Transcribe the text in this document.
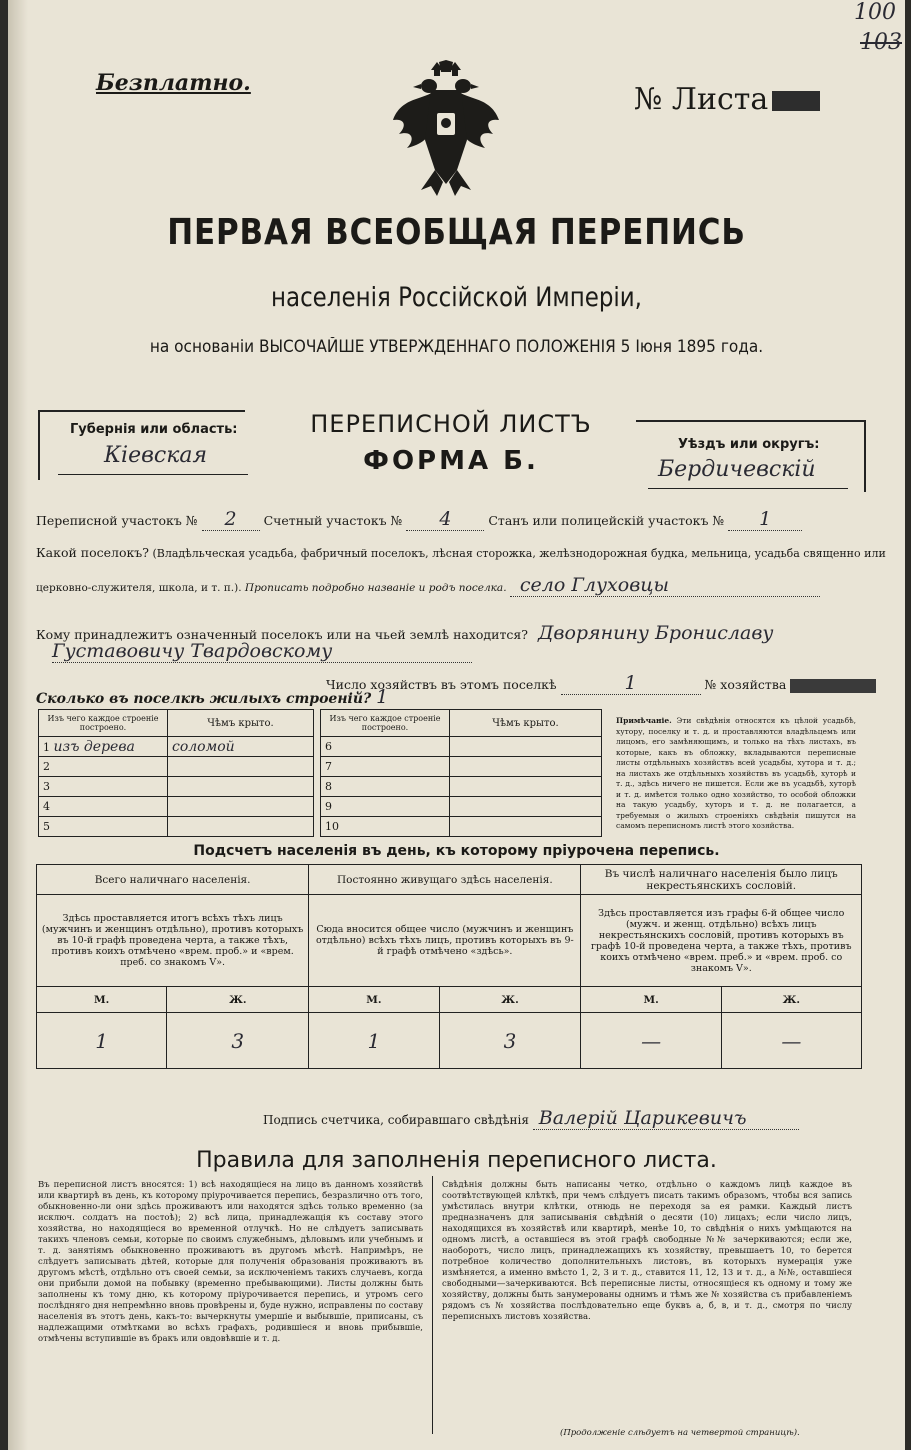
Безплатно.
100
103
№ Листа
ПЕРВАЯ ВСЕОБЩАЯ ПЕРЕПИСЬ
населенія Россійской Имперіи,
на основаніи ВЫСОЧАЙШЕ УТВЕРЖДЕННАГО ПОЛОЖЕНІЯ 5 Іюня 1895 года.
Губернія или область:
Кіевская
ПЕРЕПИСНОЙ ЛИСТЪ
ФОРМА Б.
Уѣздъ или округъ:
Бердичевскій
Переписной участокъ № 2 Счетный участокъ № 4	Станъ или полицейскій участокъ № 1
Какой поселокъ? (Владѣльческая усадьба, фабричный поселокъ, лѣсная сторожка, желѣзнодорожная будка, мельница, усадьба священно или
церковно-служителя, школа, и т. п.). Прописать подробно названіе и родъ поселка. село Глуховцы
Кому принадлежитъ означенный поселокъ или на чьей землѣ находится? Дворянину Брониславу
Густавовичу Твардовскому
Число хозяйствъ въ этомъ поселкѣ	1	№ хозяйства
Сколько въ поселкѣ жилыхъ строеній? 1
Изъ чего каждое строеніе построено.	Чѣмъ крыто.
1 изъ дерева	соломой
2	
3	
4	
5	
Изъ чего каждое строеніе построено.	Чѣмъ крыто.
6	
7	
8	
9	
10	
Примѣчаніе. Эти свѣдѣнія относятся къ цѣлой усадьбѣ, хутору, поселку и т. д. и проставляются владѣльцемъ или лицомъ, его замѣняющимъ, и только на тѣхъ листахъ, въ которые, какъ въ обложку, вкладываются переписные листы отдѣльныхъ хозяйствъ всей усадьбы, хутора и т. д.; на листахъ же отдѣльныхъ хозяйствъ въ усадьбѣ, хуторѣ и т. д., здѣсь ничего не пишется. Если же въ усадьбѣ, хуторѣ и т. д. имѣется только одно хозяйство, то особой обложки на такую усадьбу, хуторъ и т. д. не полагается, а требуемыя о жилыхъ строеніяхъ свѣдѣнія пишутся на самомъ переписномъ листѣ этого хозяйства.
Подсчетъ населенія въ день, къ которому пріурочена перепись.
Всего наличнаго населенія.		Постоянно живущаго здѣсь населенія.		Въ числѣ наличнаго населенія было лицъ некрестьянскихъ сословій.	
Здѣсь проставляется итогъ всѣхъ тѣхъ лицъ (мужчинъ и женщинъ отдѣльно), противъ которыхъ въ 10-й графѣ проведена черта, а также тѣхъ, противъ коихъ отмѣчено «врем. проб.» и «врем. преб. со знакомъ V».		Сюда вносится общее число (мужчинъ и женщинъ отдѣльно) всѣхъ тѣхъ лицъ, противъ которыхъ въ 9-й графѣ отмѣчено «здѣсь».		Здѣсь проставляется изъ графы 6-й общее число (мужч. и женщ. отдѣльно) всѣхъ лицъ некрестьянскихъ сословій, противъ которыхъ въ графѣ 10-й проведена черта, а также тѣхъ, противъ коихъ отмѣчено «врем. преб.» и «врем. проб. со знакомъ V».	
М.	Ж.	М.	Ж.	М.	Ж.
1	3	1	3	—	—
Подпись счетчика, собиравшаго свѣдѣнія Валерій Царикевичъ
Правила для заполненія переписного листа.
Въ переписной листъ вносятся: 1) всѣ находящіеся на лицо въ данномъ хозяйствѣ или квартирѣ въ день, къ которому пріурочивается перепись, безразлично отъ того, обыкновенно-ли они здѣсь проживаютъ или находятся здѣсь только временно (за исключ. солдатъ на постоѣ); 2) всѣ лица, принадлежащія къ составу этого хозяйства, но находящіеся во временной отлучкѣ. Но не слѣдуетъ записывать такихъ членовъ семьи, которые по своимъ служебнымъ, дѣловымъ или учебнымъ и т. д. занятіямъ обыкновенно проживаютъ въ другомъ мѣстѣ. Напримѣръ, не слѣдуетъ записывать дѣтей, которые для полученія образованія проживаютъ въ другомъ мѣстѣ, отдѣльно отъ своей семьи, за исключеніемъ такихъ случаевъ, когда они прибыли домой на побывку (временно пребывающими). Листы должны быть заполнены къ тому дню, къ которому пріурочивается перепись, и утромъ сего послѣдняго дня непремѣнно вновь провѣрены и, буде нужно, исправлены по составу населенія въ этотъ день, какъ-то: вычеркнуты умершіе и выбывшіе, приписаны, съ надлежащими отмѣтками во всѣхъ графахъ, родившіеся и вновь прибывшіе, отмѣчены вступившіе въ бракъ или овдовѣвшіе и т. д.
Свѣдѣнія должны быть написаны четко, отдѣльно о каждомъ лицѣ каждое въ соотвѣтствующей клѣткѣ, при чемъ слѣдуетъ писать такимъ образомъ, чтобы вся запись умѣстилась внутри клѣтки, отнюдь не переходя за ея рамки. Каждый листъ предназначенъ для записыванія свѣдѣній о десяти (10) лицахъ; если число лицъ, находящихся въ хозяйствѣ или квартирѣ, менѣе 10, то свѣдѣнія о нихъ умѣщаются на одномъ листѣ, а оставшіеся въ этой графѣ свободные №№ зачеркиваются; если же, наоборотъ, число лицъ, принадлежащихъ къ хозяйству, превышаетъ 10, то берется потребное количество дополнительныхъ листовъ, въ которыхъ нумерація уже измѣняется, а именно вмѣсто 1, 2, 3 и т. д., ставится 11, 12, 13 и т. д., а №№, оставшіеся свободными—зачеркиваются. Всѣ переписные листы, относящіеся къ одному и тому же хозяйству, должны быть занумерованы однимъ и тѣмъ же № хозяйства съ прибавленіемъ рядомъ съ № хозяйства послѣдовательно еще буквъ а, б, в, и т. д., смотря по числу переписныхъ листовъ хозяйства.
(Продолженіе слѣдуетъ на четвертой страницѣ).
